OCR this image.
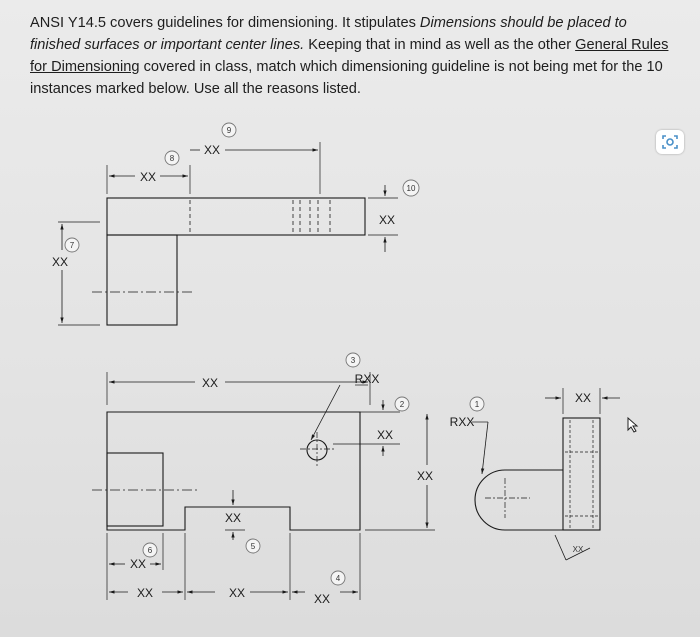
ANSI Y14.5 covers guidelines for dimensioning. It stipulates Dimensions should be placed to finished surfaces or important center lines. Keeping that in mind as well as the other General Rules for Dimensioning covered in class, match which dimensioning guideline is not being met for the 10 instances marked below. Use all the reasons listed.
1
2
3
4
5
6
7
8
9
10
XX
XX
XX
XX
XX	RXX
XX
XX
XX
XX
XX	XX	XX
RXX
XX
XX
